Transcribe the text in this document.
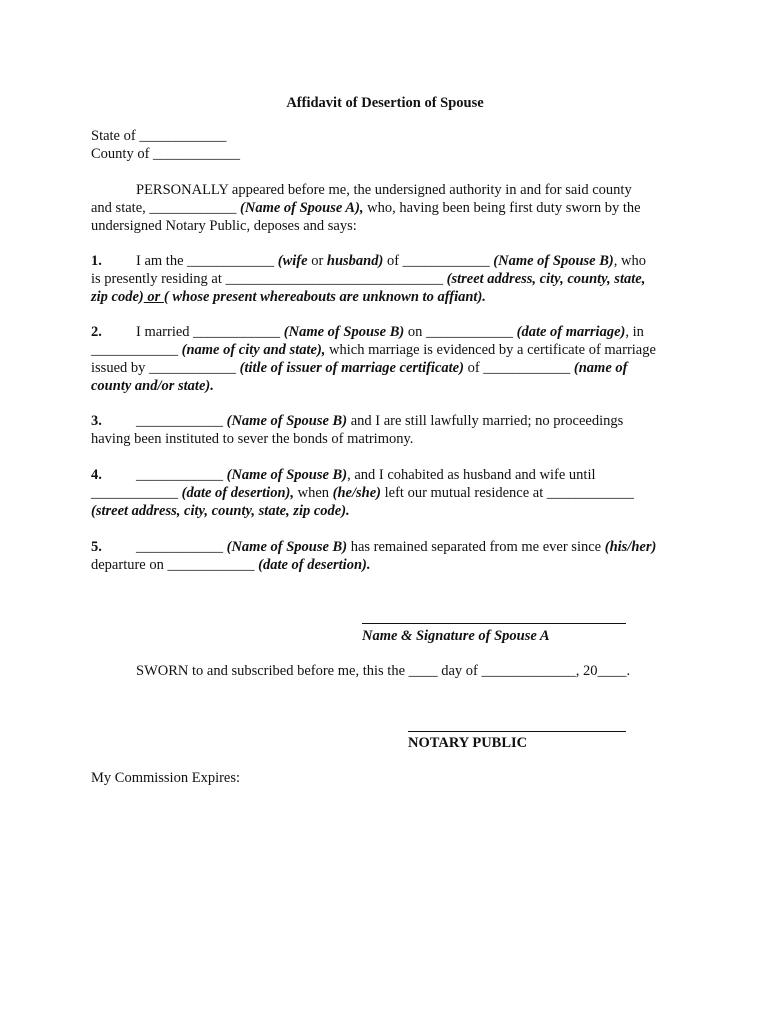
Affidavit of Desertion of Spouse
State of ____________
County of ____________
PERSONALLY appeared before me, the undersigned authority in and for said county
and state, ____________ (Name of Spouse A), who, having been being first duty sworn by the
undersigned Notary Public, deposes and says:
1. I am the ____________ (wife or husband) of ____________ (Name of Spouse B), who
is presently residing at ______________________________ (street address, city, county, state,
zip code) or ( whose present whereabouts are unknown to affiant).
2. I married ____________ (Name of Spouse B) on ____________ (date of marriage), in
____________ (name of city and state), which marriage is evidenced by a certificate of marriage
issued by ____________ (title of issuer of marriage certificate) of ____________ (name of
county and/or state).
3. ____________ (Name of Spouse B) and I are still lawfully married; no proceedings
having been instituted to sever the bonds of matrimony.
4. ____________ (Name of Spouse B), and I cohabited as husband and wife until
____________ (date of desertion), when (he/she) left our mutual residence at ____________
(street address, city, county, state, zip code).
5. ____________ (Name of Spouse B) has remained separated from me ever since (his/her)
departure on ____________ (date of desertion).
Name & Signature of Spouse A
SWORN to and subscribed before me, this the ____ day of _____________, 20____.
NOTARY PUBLIC
My Commission Expires:
